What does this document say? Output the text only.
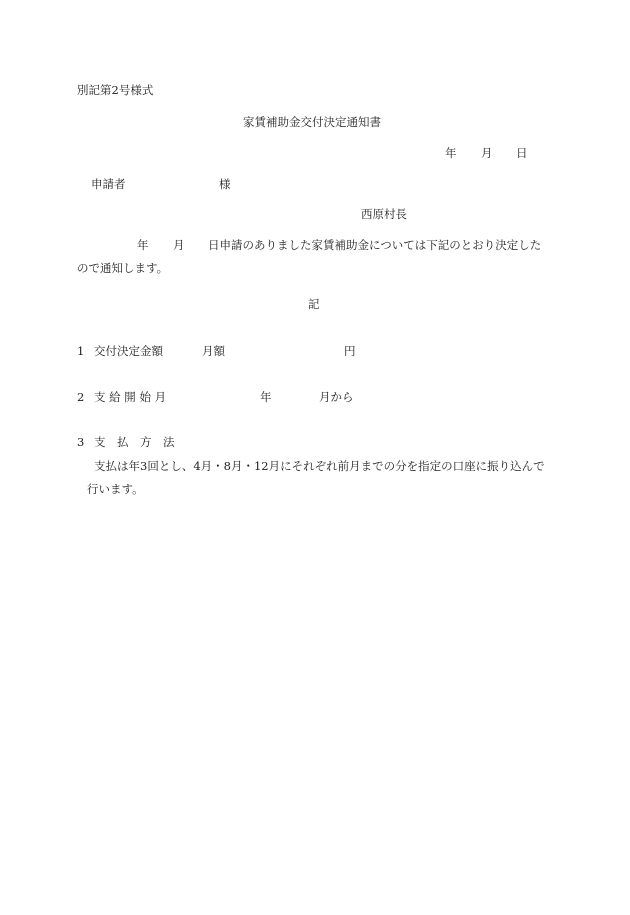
別記第2号様式
家賃補助金交付決定通知書
年 月 日
申請者	様
西原村長
年 月 日申請のありました家賃補助金については下記のとおり決定した
ので通知します。
記
1 交付決定金額	月額	円
2 支 給 開 始 月	年	月から
3 支　払　方　法
支払は年3回とし、4月・8月・12月にそれぞれ前月までの分を指定の口座に振り込んで
行います。
